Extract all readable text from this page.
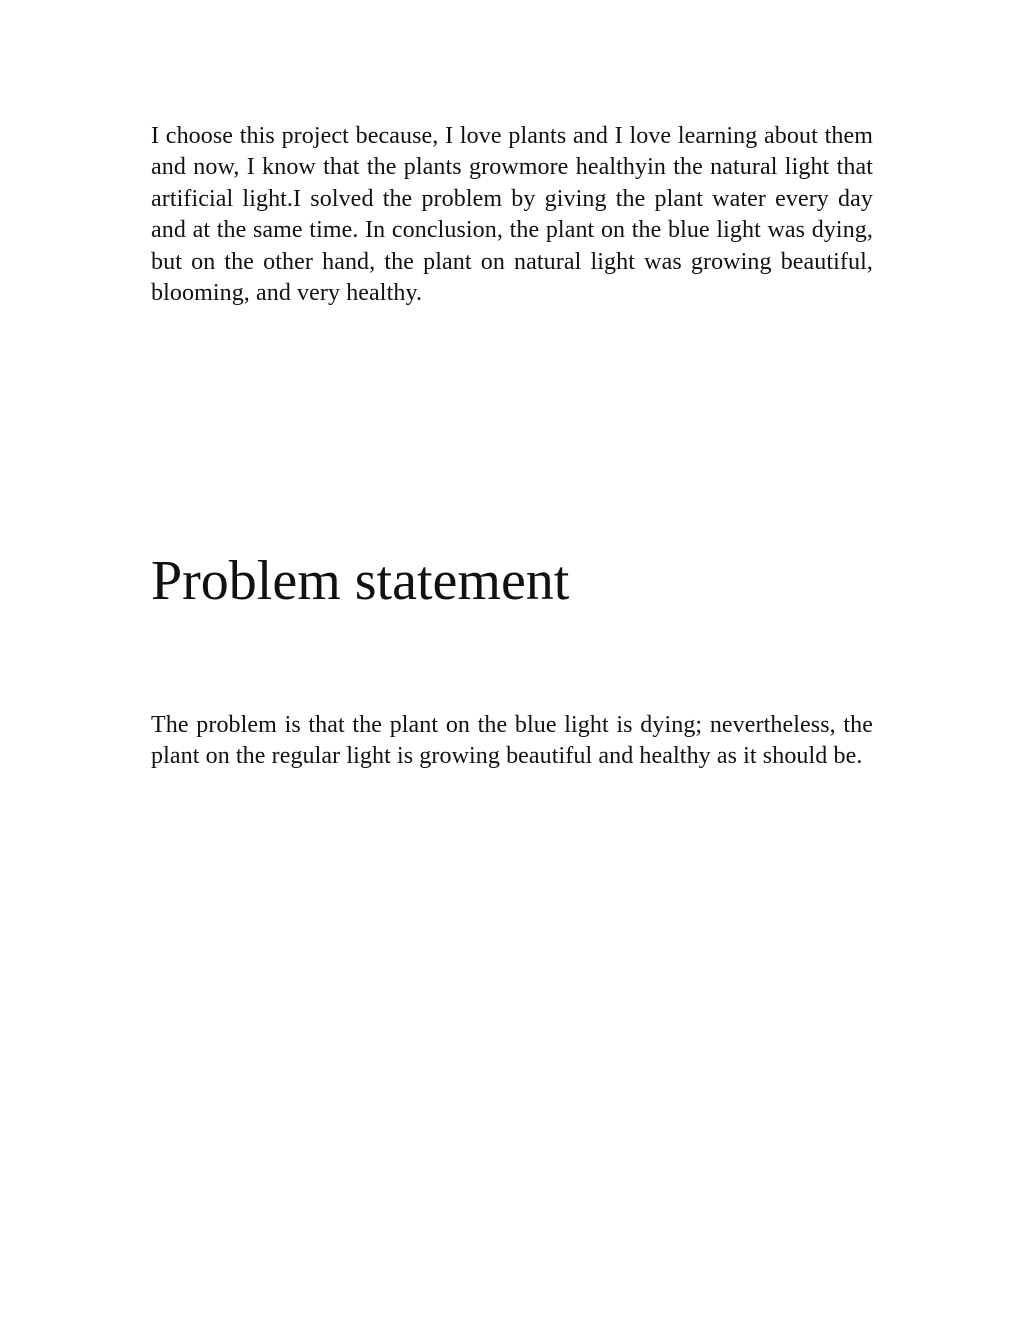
I choose this project because, I love plants and I love learning about them and now, I know that the plants growmore healthyin the natural light that artificial light.I solved the problem by giving the plant water every day and at the same time. In conclusion, the plant on the blue light was dying, but on the other hand, the plant on natural light was growing beautiful, blooming, and very healthy.

Problem statement

The problem is that the plant on the blue light is dying; nevertheless, the plant on the regular light is growing beautiful and healthy as it should be.
